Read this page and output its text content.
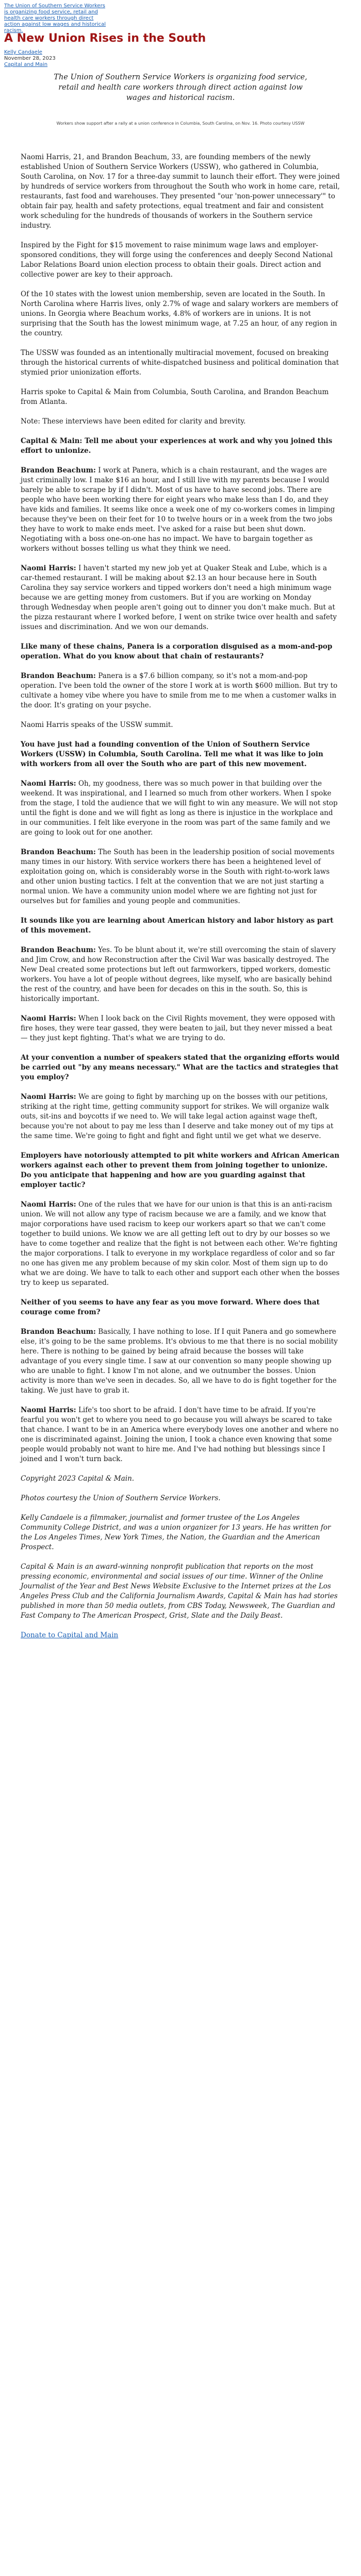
The Union of Southern Service Workers is organizing food service, retail and health care workers through direct action against low wages and historical racism.
A New Union Rises in the South
Kelly Candaele
November 28, 2023
Capital and Main

The Union of Southern Service Workers is organizing food service, retail and health care workers through direct action against low wages and historical racism.

Workers show support after a rally at a union conference in Columbia, South Carolina, on Nov. 16. Photo courtesy USSW

Naomi Harris, 21, and Brandon Beachum, 33, are founding members of the newly established Union of Southern Service Workers (USSW), who gathered in Columbia, South Carolina, on Nov. 17 for a three-day summit to launch their effort. They were joined by hundreds of service workers from throughout the South who work in home care, retail, restaurants, fast food and warehouses. They presented "our 'non-power unnecessary'" to obtain fair pay, health and safety protections, equal treatment and fair and consistent work scheduling for the hundreds of thousands of workers in the Southern service industry.

Inspired by the Fight for $15 movement to raise minimum wage laws and employer-sponsored conditions, they will forge using the conferences and deeply Second National Labor Relations Board union election process to obtain their goals. Direct action and collective power are key to their approach.

Of the 10 states with the lowest union membership, seven are located in the South. In North Carolina where Harris lives, only 2.7% of wage and salary workers are members of unions. In Georgia where Beachum works, 4.8% of workers are in unions. It is not surprising that the South has the lowest minimum wage, at 7.25 an hour, of any region in the country.

The USSW was founded as an intentionally multiracial movement, focused on breaking through the historical currents of white-dispatched business and political domination that stymied prior unionization efforts.

Harris spoke to Capital & Main from Columbia, South Carolina, and Brandon Beachum from Atlanta.

Note: These interviews have been edited for clarity and brevity.

Capital & Main: Tell me about your experiences at work and why you joined this effort to unionize.

Brandon Beachum: I work at Panera, which is a chain restaurant, and the wages are just criminally low. I make $16 an hour, and I still live with my parents because I would barely be able to scrape by if I didn't. Most of us have to have second jobs. There are people who have been working there for eight years who make less than I do, and they have kids and families. It seems like once a week one of my co-workers comes in limping because they've been on their feet for 10 to twelve hours or in a week from the two jobs they have to work to make ends meet. I've asked for a raise but been shut down. Negotiating with a boss one-on-one has no impact. We have to bargain together as workers without bosses telling us what they think we need.

Naomi Harris: I haven't started my new job yet at Quaker Steak and Lube, which is a car-themed restaurant. I will be making about $2.13 an hour because here in South Carolina they say service workers and tipped workers don't need a high minimum wage because we are getting money from customers. But if you are working on Monday through Wednesday when people aren't going out to dinner you don't make much. But at the pizza restaurant where I worked before, I went on strike twice over health and safety issues and discrimination. And we won our demands.

Like many of these chains, Panera is a corporation disguised as a mom-and-pop operation. What do you know about that chain of restaurants?

Brandon Beachum: Panera is a $7.6 billion company, so it's not a mom-and-pop operation. I've been told the owner of the store I work at is worth $600 million. But try to cultivate a homey vibe where you have to smile from me to me when a customer walks in the door. It's grating on your psyche.

Naomi Harris speaks of the USSW summit.

You have just had a founding convention of the Union of Southern Service Workers (USSW) in Columbia, South Carolina. Tell me what it was like to join with workers from all over the South who are part of this new movement.

Naomi Harris: Oh, my goodness, there was so much power in that building over the weekend. It was inspirational, and I learned so much from other workers. When I spoke from the stage, I told the audience that we will fight to win any measure. We will not stop until the fight is done and we will fight as long as there is injustice in the workplace and in our communities. I felt like everyone in the room was part of the same family and we are going to look out for one another.

Brandon Beachum: The South has been in the leadership position of social movements many times in our history. With service workers there has been a heightened level of exploitation going on, which is considerably worse in the South with right-to-work laws and other union busting tactics. I felt at the convention that we are not just starting a normal union. We have a community union model where we are fighting not just for ourselves but for families and young people and communities.

It sounds like you are learning about American history and labor history as part of this movement.

Brandon Beachum: Yes. To be blunt about it, we're still overcoming the stain of slavery and Jim Crow, and how Reconstruction after the Civil War was basically destroyed. The New Deal created some protections but left out farmworkers, tipped workers, domestic workers. You have a lot of people without degrees, like myself, who are basically behind the rest of the country, and have been for decades on this in the south. So, this is historically important.

Naomi Harris: When I look back on the Civil Rights movement, they were opposed with fire hoses, they were tear gassed, they were beaten to jail, but they never missed a beat — they just kept fighting. That's what we are trying to do.

At your convention a number of speakers stated that the organizing efforts would be carried out "by any means necessary." What are the tactics and strategies that you employ?

Naomi Harris: We are going to fight by marching up on the bosses with our petitions, striking at the right time, getting community support for strikes. We will organize walk outs, sit-ins and boycotts if we need to. We will take legal action against wage theft, because you're not about to pay me less than I deserve and take money out of my tips at the same time. We're going to fight and fight and fight until we get what we deserve.

Employers have notoriously attempted to pit white workers and African American workers against each other to prevent them from joining together to unionize. Do you anticipate that happening and how are you guarding against that employer tactic?

Naomi Harris: One of the rules that we have for our union is that this is an anti-racism union. We will not allow any type of racism because we are a family, and we know that major corporations have used racism to keep our workers apart so that we can't come together to build unions. We know we are all getting left out to dry by our bosses so we have to come together and realize that the fight is not between each other. We're fighting the major corporations. I talk to everyone in my workplace regardless of color and so far no one has given me any problem because of my skin color. Most of them sign up to do what we are doing. We have to talk to each other and support each other when the bosses try to keep us separated.

Neither of you seems to have any fear as you move forward. Where does that courage come from?

Brandon Beachum: Basically, I have nothing to lose. If I quit Panera and go somewhere else, it's going to be the same problems. It's obvious to me that there is no social mobility here. There is nothing to be gained by being afraid because the bosses will take advantage of you every single time. I saw at our convention so many people showing up who are unable to fight. I know I'm not alone, and we outnumber the bosses. Union activity is more than we've seen in decades. So, all we have to do is fight together for the taking. We just have to grab it.

Naomi Harris: Life's too short to be afraid. I don't have time to be afraid. If you're fearful you won't get to where you need to go because you will always be scared to take that chance. I want to be in an America where everybody loves one another and where no one is discriminated against. Joining the union, I took a chance even knowing that some people would probably not want to hire me. And I've had nothing but blessings since I joined and I won't turn back.

Copyright 2023 Capital & Main.

Photos courtesy the Union of Southern Service Workers.

Kelly Candaele is a filmmaker, journalist and former trustee of the Los Angeles Community College District, and was a union organizer for 13 years. He has written for the Los Angeles Times, New York Times, the Nation, the Guardian and the American Prospect.

Capital & Main is an award-winning nonprofit publication that reports on the most pressing economic, environmental and social issues of our time. Winner of the Online Journalist of the Year and Best News Website Exclusive to the Internet prizes at the Los Angeles Press Club and the California Journalism Awards, Capital & Main has had stories published in more than 50 media outlets, from CBS Today, Newsweek, The Guardian and Fast Company to The American Prospect, Grist, Slate and the Daily Beast.

Donate to Capital and Main
